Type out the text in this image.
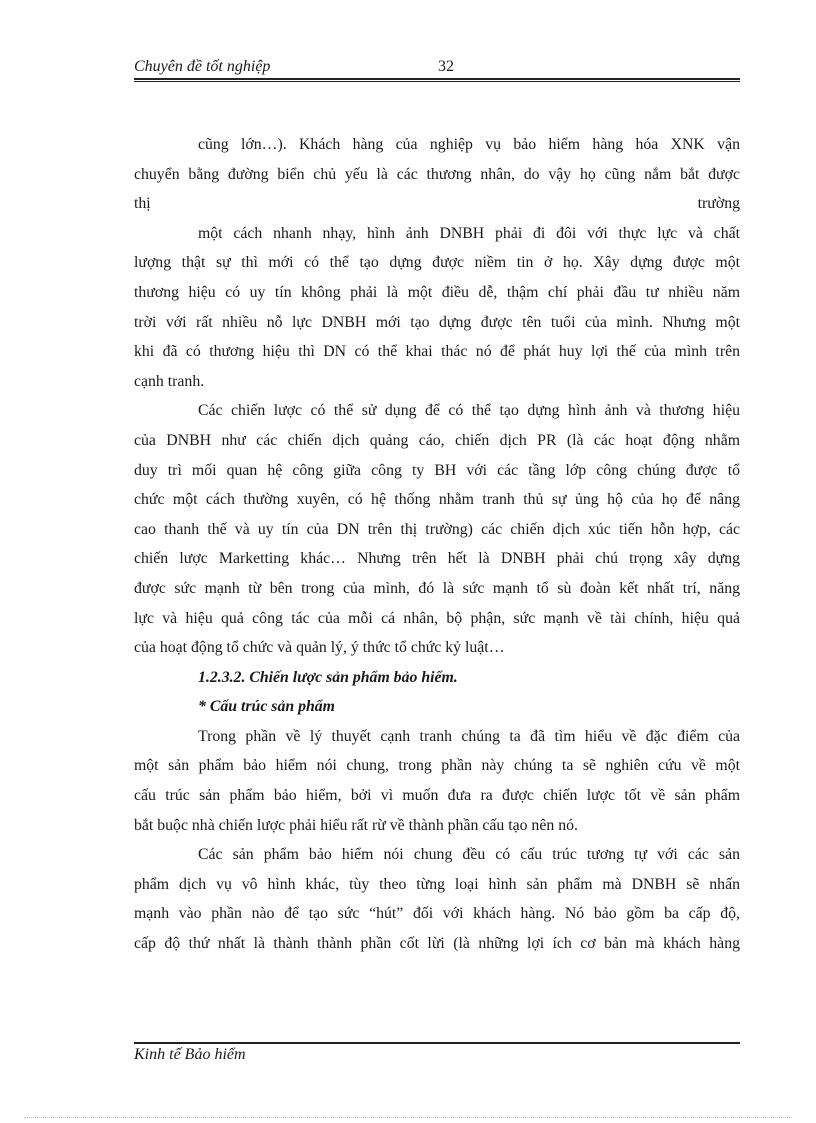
Chuyên đề tốt nghiệp	32
cũng lớn…). Khách hàng của nghiệp vụ bảo hiểm hàng hóa XNK vận
chuyển bằng đường biển chủ yếu là các thương nhân, do vậy họ cũng nắm bắt được
thị trường
một cách nhanh nhạy, hình ảnh DNBH phải đi đôi với thực lực và chất
lượng thật sự thì mới có thể tạo dựng được niềm tin ở họ. Xây dựng được một
thương hiệu có uy tín không phải là một điều dễ, thậm chí phải đầu tư nhiều năm
trời với rất nhiều nỗ lực DNBH mới tạo dựng được tên tuổi của mình. Nhưng một
khi đã có thương hiệu thì DN có thể khai thác nó để phát huy lợi thế của mình trên
cạnh tranh.
Các chiến lược có thể sử dụng để có thể tạo dựng hình ảnh và thương hiệu
của DNBH như các chiến dịch quảng cáo, chiến dịch PR (là các hoạt động nhằm
duy trì mối quan hệ công giữa công ty BH với các tầng lớp công chúng được tổ
chức một cách thường xuyên, có hệ thống nhằm tranh thủ sự ủng hộ của họ để nâng
cao thanh thế và uy tín của DN trên thị trường) các chiến dịch xúc tiến hỗn hợp, các
chiến lược Marketting khác… Nhưng trên hết là DNBH phải chú trọng xây dựng
được sức mạnh từ bên trong của mình, đó là sức mạnh tổ sù đoàn kết nhất trí, năng
lực và hiệu quả công tác của mỗi cá nhân, bộ phận, sức mạnh về tài chính, hiệu quả
của hoạt động tổ chức và quản lý, ý thức tổ chức kỷ luật…
1.2.3.2. Chiến lược sản phẩm bảo hiểm.
* Cấu trúc sản phẩm
Trong phần về lý thuyết cạnh tranh chúng ta đã tìm hiểu về đặc điểm của
một sản phẩm bảo hiểm nói chung, trong phần này chúng ta sẽ nghiên cứu về một
cấu trúc sản phẩm bảo hiểm, bởi vì muốn đưa ra được chiến lược tốt về sản phẩm
bắt buộc nhà chiến lược phải hiểu rất rừ về thành phần cấu tạo nên nó.
Các sản phẩm bảo hiểm nói chung đều có cấu trúc tương tự với các sản
phẩm dịch vụ vô hình khác, tùy theo từng loại hình sản phẩm mà DNBH sẽ nhấn
mạnh vào phần nào để tạo sức “hút” đối với khách hàng. Nó bảo gồm ba cấp độ,
cấp độ thứ nhất là thành thành phần cốt lừi (là những lợi ích cơ bản mà khách hàng
Kinh tế Bảo hiểm
